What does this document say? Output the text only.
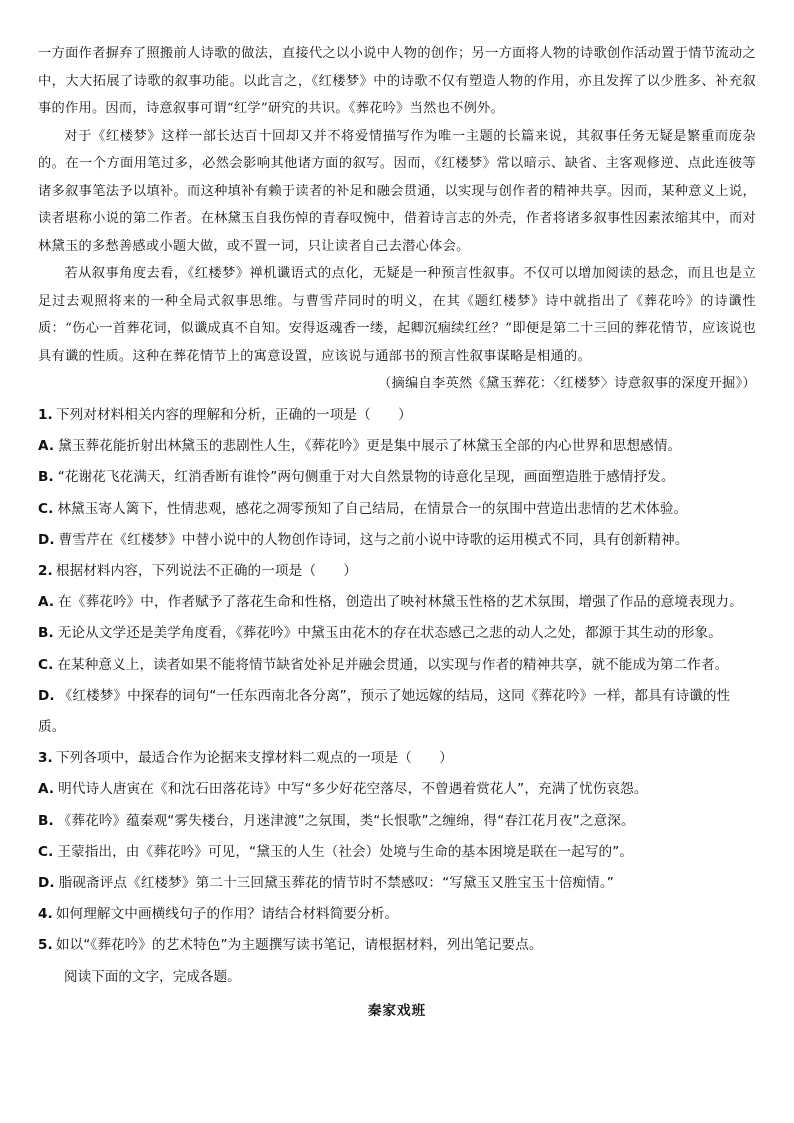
一方面作者摒弃了照搬前人诗歌的做法，直接代之以小说中人物的创作；另一方面将人物的诗歌创作活动置于情节流动之中，大大拓展了诗歌的叙事功能。以此言之，《红楼梦》中的诗歌不仅有塑造人物的作用，亦且发挥了以少胜多、补充叙事的作用。因而，诗意叙事可谓“红学”研究的共识。《葬花吟》当然也不例外。

对于《红楼梦》这样一部长达百十回却又并不将爱情描写作为唯一主题的长篇来说，其叙事任务无疑是繁重而庞杂的。在一个方面用笔过多，必然会影响其他诸方面的叙写。因而，《红楼梦》常以暗示、缺省、主客观修逆、点此连彼等诸多叙事笔法予以填补。而这种填补有赖于读者的补足和融会贯通，以实现与创作者的精神共享。因而，某种意义上说，读者堪称小说的第二作者。在林黛玉自我伤悼的青春叹惋中，借着诗言志的外壳，作者将诸多叙事性因素浓缩其中，而对林黛玉的多愁善感或小题大做，或不置一词，只让读者自己去潜心体会。

若从叙事角度去看，《红楼梦》禅机谶语式的点化，无疑是一种预言性叙事。不仅可以增加阅读的悬念，而且也是立足过去观照将来的一种全局式叙事思维。与曹雪芹同时的明义，在其《题红楼梦》诗中就指出了《葬花吟》的诗谶性质：“伤心一首葬花词，似谶成真不自知。安得返魂香一缕，起卿沉痼续红丝？”即便是第二十三回的葬花情节，应该说也具有谶的性质。这种在葬花情节上的寓意设置，应该说与通部书的预言性叙事谋略是相通的。

（摘编自李英然《黛玉葬花：〈红楼梦〉诗意叙事的深度开掘》）

1. 下列对材料相关内容的理解和分析，正确的一项是（　　）

A. 黛玉葬花能折射出林黛玉的悲剧性人生，《葬花吟》更是集中展示了林黛玉全部的内心世界和思想感情。

B. “花谢花飞花满天，红消香断有谁怜”两句侧重于对大自然景物的诗意化呈现，画面塑造胜于感情抒发。

C. 林黛玉寄人篱下，性情悲观，感花之凋零预知了自己结局，在情景合一的氛围中营造出悲情的艺术体验。

D. 曹雪芹在《红楼梦》中替小说中的人物创作诗词，这与之前小说中诗歌的运用模式不同，具有创新精神。

2. 根据材料内容，下列说法不正确的一项是（　　）

A. 在《葬花吟》中，作者赋予了落花生命和性格，创造出了映衬林黛玉性格的艺术氛围，增强了作品的意境表现力。

B. 无论从文学还是美学角度看，《葬花吟》中黛玉由花木的存在状态感己之悲的动人之处，都源于其生动的形象。

C. 在某种意义上，读者如果不能将情节缺省处补足并融会贯通，以实现与作者的精神共享，就不能成为第二作者。

D. 《红楼梦》中探春的词句“一任东西南北各分离”，预示了她远嫁的结局，这同《葬花吟》一样，都具有诗谶的性质。

3. 下列各项中，最适合作为论据来支撑材料二观点的一项是（　　）

A. 明代诗人唐寅在《和沈石田落花诗》中写“多少好花空落尽，不曾遇着赏花人”，充满了忧伤哀怨。

B. 《葬花吟》蕴秦观“雾失楼台，月迷津渡”之氛围，类“长恨歌”之缠绵，得“春江花月夜”之意深。

C. 王蒙指出，由《葬花吟》可见，“黛玉的人生（社会）处境与生命的基本困境是联在一起写的”。

D. 脂砚斋评点《红楼梦》第二十三回黛玉葬花的情节时不禁感叹：“写黛玉又胜宝玉十倍痴情。”

4. 如何理解文中画横线句子的作用？请结合材料简要分析。

5. 如以“《葬花吟》的艺术特色”为主题撰写读书笔记，请根据材料，列出笔记要点。

阅读下面的文字，完成各题。

秦家戏班
